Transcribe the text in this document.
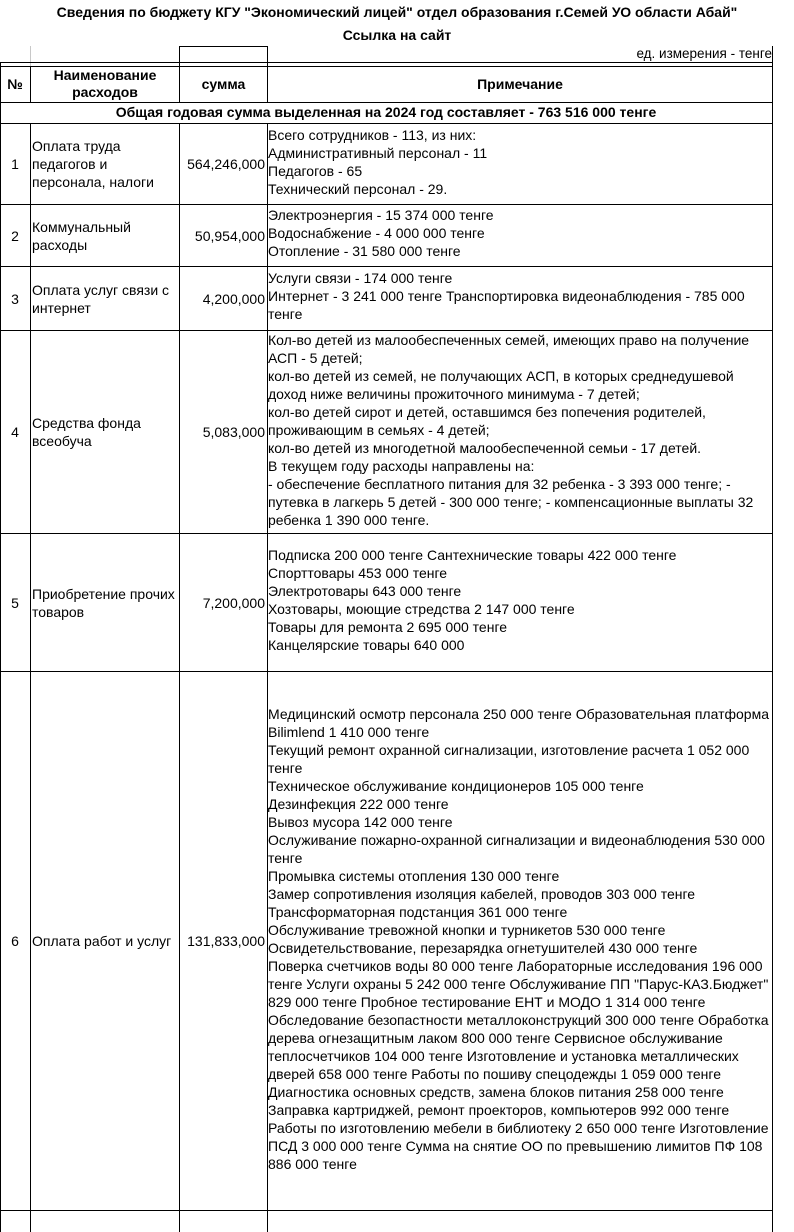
Сведения по бюджету КГУ "Экономический лицей" отдел образования г.Семей УО области Абай"
Ссылка на сайт
ед. измерения - тенге
№
Наименование расходов
сумма	Примечание
Общая годовая сумма выделенная на 2024 год составляет - 763 516 000 тенге
1
Оплата труда педагогов и персонала, налоги
564,246,000
Всего сотрудников - 113, из них:
Административный персонал - 11
Педагогов - 65
Технический персонал - 29.
2
Коммунальный расходы
50,954,000
Электроэнергия - 15 374 000 тенге
Водоснабжение - 4 000 000 тенге
Отопление - 31 580 000 тенге
3
Оплата услуг связи с интернет
4,200,000
Услуги связи - 174 000 тенге
Интернет - 3 241 000 тенге Транспортировка видеонаблюдения - 785 000 тенге
4
Средства фонда всеобуча
5,083,000
Кол-во детей из малообеспеченных семей, имеющих право на получение АСП - 5 детей;
кол-во детей из семей, не получающих АСП, в которых среднедушевой доход ниже величины прожиточного минимума - 7 детей;
кол-во детей сирот и детей, оставшимся без попечения родителей, проживающим в семьях - 4 детей;
кол-во детей из многодетной малообеспеченной семьи - 17 детей.
В текущем году расходы направлены на:
- обеспечение бесплатного питания для 32 ребенка - 3 393 000 тенге; - путевка в лагкерь 5 детей - 300 000 тенге; - компенсационные выплаты 32 ребенка 1 390 000 тенге.
5
Приобретение прочих товаров
7,200,000
Подписка 200 000 тенге Сантехнические товары 422 000 тенге
Спорттовары 453 000 тенге
Электротовары 643 000 тенге
Хозтовары, моющие стредства 2 147 000 тенге
Товары для ремонта 2 695 000 тенге
Канцелярские товары 640 000
6 Оплата работ и услуг	131,833,000
Медицинский осмотр персонала 250 000 тенге Образовательная платформа Bilimlend 1 410 000 тенге
Текущий ремонт охранной сигнализации, изготовление расчета 1 052 000 тенге
Техническое обслуживание кондиционеров 105 000 тенге
Дезинфекция 222 000 тенге
Вывоз мусора 142 000 тенге
Ослуживание пожарно-охранной сигнализации и видеонаблюдения 530 000 тенге
Промывка системы отопления 130 000 тенге
Замер сопротивления изоляция кабелей, проводов 303 000 тенге
Трансформаторная подстанция 361 000 тенге
Обслуживание тревожной кнопки и турникетов 530 000 тенге
Освидетельствование, перезарядка огнетушителей 430 000 тенге
Поверка счетчиков воды 80 000 тенге Лабораторные исследования 196 000 тенге Услуги охраны 5 242 000 тенге Обслуживание ПП "Парус-КАЗ.Бюджет" 829 000 тенге Пробное тестирование ЕНТ и МОДО 1 314 000 тенге Обследование безопастности металлоконструкций 300 000 тенге Обработка дерева огнезащитным лаком 800 000 тенге Сервисное обслуживание теплосчетчиков 104 000 тенге Изготовление и установка металлических дверей 658 000 тенге Работы по пошиву спецодежды 1 059 000 тенге Диагностика основных средств, замена блоков питания 258 000 тенге Заправка картриджей, ремонт проекторов, компьютеров 992 000 тенге Работы по изготовлению мебели в библиотеку 2 650 000 тенге Изготовление ПСД 3 000 000 тенге Сумма на снятие ОО по превышению лимитов ПФ 108 886 000 тенге
